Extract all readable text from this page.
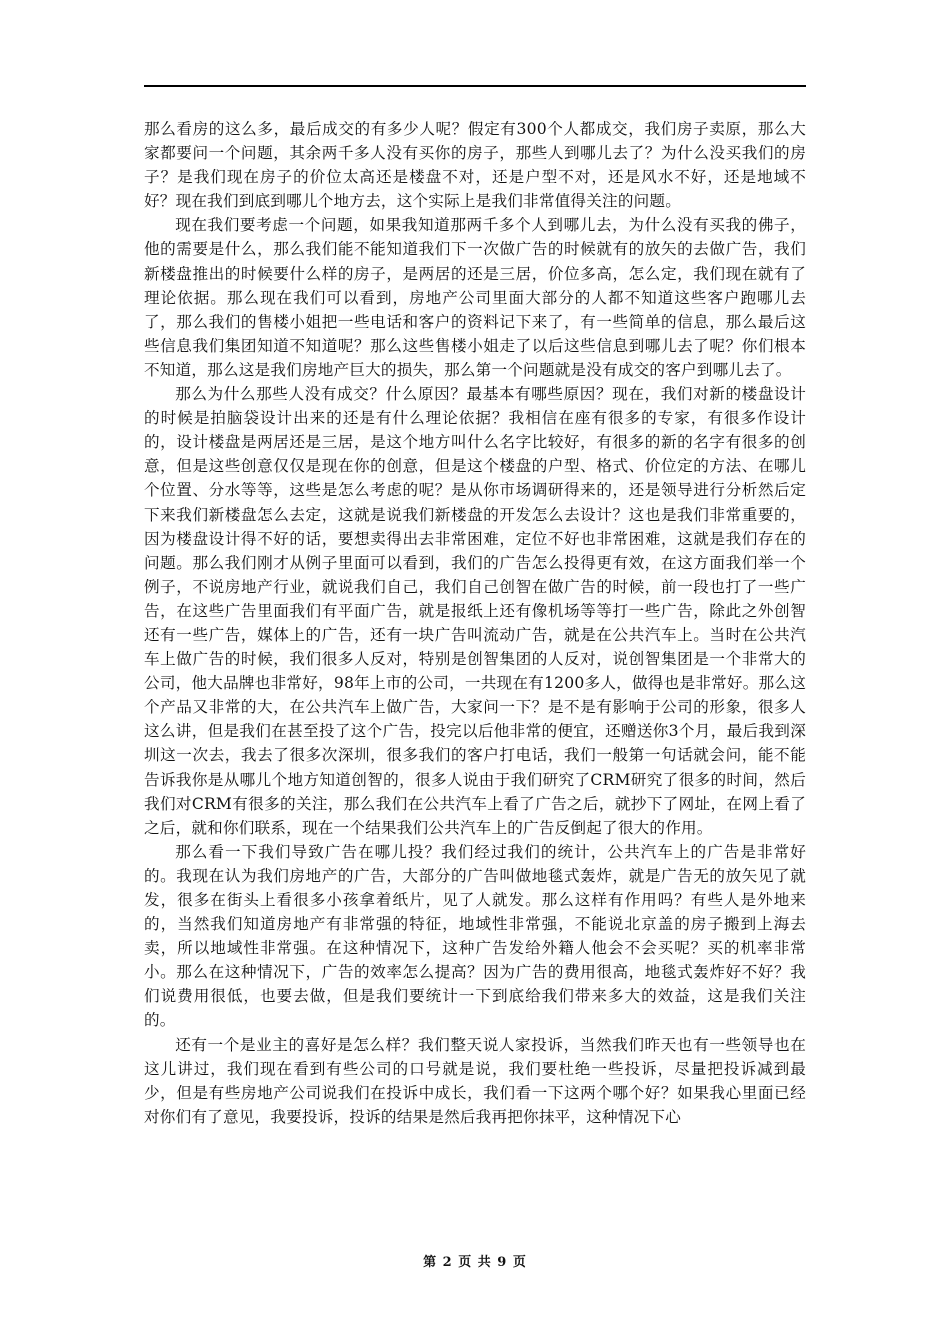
那么看房的这么多，最后成交的有多少人呢？假定有300个人都成交，我们房子卖原，那么大家都要问一个问题，其余两千多人没有买你的房子，那些人到哪儿去了？为什么没买我们的房子？是我们现在房子的价位太高还是楼盘不对，还是户型不对，还是风水不好，还是地域不好？现在我们到底到哪儿个地方去，这个实际上是我们非常值得关注的问题。

现在我们要考虑一个问题，如果我知道那两千多个人到哪儿去，为什么没有买我的佛子，他的需要是什么，那么我们能不能知道我们下一次做广告的时候就有的放矢的去做广告，我们新楼盘推出的时候要什么样的房子，是两居的还是三居，价位多高，怎么定，我们现在就有了理论依据。那么现在我们可以看到，房地产公司里面大部分的人都不知道这些客户跑哪儿去了，那么我们的售楼小姐把一些电话和客户的资料记下来了，有一些简单的信息，那么最后这些信息我们集团知道不知道呢？那么这些售楼小姐走了以后这些信息到哪儿去了呢？你们根本不知道，那么这是我们房地产巨大的损失，那么第一个问题就是没有成交的客户到哪儿去了。

那么为什么那些人没有成交？什么原因？最基本有哪些原因？现在，我们对新的楼盘设计的时候是拍脑袋设计出来的还是有什么理论依据？我相信在座有很多的专家，有很多作设计的，设计楼盘是两居还是三居，是这个地方叫什么名字比较好，有很多的新的名字有很多的创意，但是这些创意仅仅是现在你的创意，但是这个楼盘的户型、格式、价位定的方法、在哪儿个位置、分水等等，这些是怎么考虑的呢？是从你市场调研得来的，还是领导进行分析然后定下来我们新楼盘怎么去定，这就是说我们新楼盘的开发怎么去设计？这也是我们非常重要的，因为楼盘设计得不好的话，要想卖得出去非常困难，定位不好也非常困难，这就是我们存在的问题。那么我们刚才从例子里面可以看到，我们的广告怎么投得更有效，在这方面我们举一个例子，不说房地产行业，就说我们自己，我们自己创智在做广告的时候，前一段也打了一些广告，在这些广告里面我们有平面广告，就是报纸上还有像机场等等打一些广告，除此之外创智还有一些广告，媒体上的广告，还有一块广告叫流动广告，就是在公共汽车上。当时在公共汽车上做广告的时候，我们很多人反对，特别是创智集团的人反对，说创智集团是一个非常大的公司，他大品牌也非常好，98年上市的公司，一共现在有1200多人，做得也是非常好。那么这个产品又非常的大，在公共汽车上做广告，大家问一下？是不是有影响于公司的形象，很多人这么讲，但是我们在甚至投了这个广告，投完以后他非常的便宜，还赠送你3个月，最后我到深圳这一次去，我去了很多次深圳，很多我们的客户打电话，我们一般第一句话就会问，能不能告诉我你是从哪儿个地方知道创智的，很多人说由于我们研究了CRM研究了很多的时间，然后我们对CRM有很多的关注，那么我们在公共汽车上看了广告之后，就抄下了网址，在网上看了之后，就和你们联系，现在一个结果我们公共汽车上的广告反倒起了很大的作用。

那么看一下我们导致广告在哪儿投？我们经过我们的统计，公共汽车上的广告是非常好的。我现在认为我们房地产的广告，大部分的广告叫做地毯式轰炸，就是广告无的放矢见了就发，很多在街头上看很多小孩拿着纸片，见了人就发。那么这样有作用吗？有些人是外地来的，当然我们知道房地产有非常强的特征，地域性非常强，不能说北京盖的房子搬到上海去卖，所以地域性非常强。在这种情况下，这种广告发给外籍人他会不会买呢？买的机率非常小。那么在这种情况下，广告的效率怎么提高？因为广告的费用很高，地毯式轰炸好不好？我们说费用很低，也要去做，但是我们要统计一下到底给我们带来多大的效益，这是我们关注的。

还有一个是业主的喜好是怎么样？我们整天说人家投诉，当然我们昨天也有一些领导也在这儿讲过，我们现在看到有些公司的口号就是说，我们要杜绝一些投诉，尽量把投诉减到最少，但是有些房地产公司说我们在投诉中成长，我们看一下这两个哪个好？如果我心里面已经对你们有了意见，我要投诉，投诉的结果是然后我再把你抹平，这种情况下心

第 2 页 共 9 页
